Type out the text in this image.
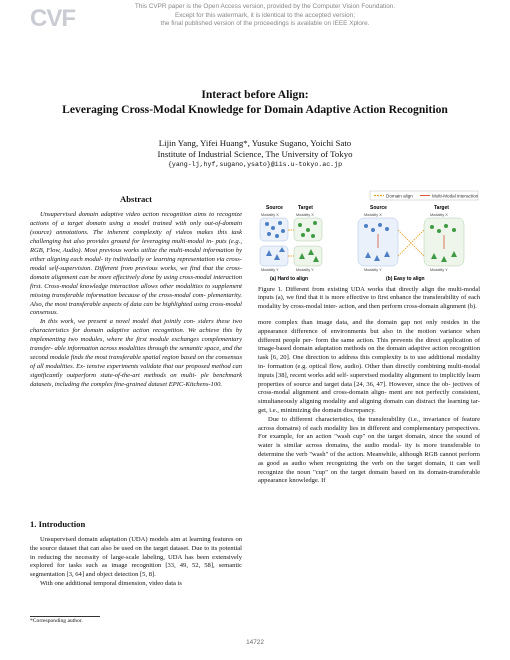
CVF	This CVPR paper is the Open Access version, provided by the Computer Vision Foundation.
Except for this watermark, it is identical to the accepted version;
the final published version of the proceedings is available on IEEE Xplore.
Interact before Align:
Leveraging Cross-Modal Knowledge for Domain Adaptive Action Recognition
Lijin Yang, Yifei Huang*, Yusuke Sugano, Yoichi Sato
Institute of Industrial Science, The University of Tokyo
{yang-lj,hyf,sugano,ysato}@iis.u-tokyo.ac.jp
Abstract

Unsupervised domain adaptive video action recognition aims to recognize actions of a target domain using a model trained with only out-of-domain (source) annotations. The inherent complexity of videos makes this task challenging but also provides ground for leveraging multi-modal in- puts (e.g., RGB, Flow, Audio). Most previous works utilize the multi-modal information by either aligning each modal- ity individually or learning representation via cross-modal self-supervision. Different from previous works, we find that the cross-domain alignment can be more effectively done by using cross-modal interaction first. Cross-modal knowledge interaction allows other modalities to supplement missing transferable information because of the cross-modal com- plementarity. Also, the most transferable aspects of data can be highlighted using cross-modal consensus.

In this work, we present a novel model that jointly con- siders these two characteristics for domain adaptive action recognition. We achieve this by implementing two modules, where the first module exchanges complementary transfer- able information across modalities through the semantic space, and the second module finds the most transferable spatial region based on the consensus of all modalities. Ex- tensive experiments validate that our proposed method can significantly outperform state-of-the-art methods on multi- ple benchmark datasets, including the complex fine-grained dataset EPIC-Kitchens-100.

1. Introduction

Unsupervised domain adaptation (UDA) models aim at learning features on the source dataset that can also be used on the target dataset. Due to its potential in reducing the necessity of large-scale labeling, UDA has been extensively explored for tasks such as image recognition [33, 49, 52, 58], semantic segmentation [3, 64] and object detection [5, 8].

With one additional temporal dimension, video data is

*Corresponding author.
14722
Domain align	Multi-Modal interaction
Source	Target
Modality X	Modality X
Modality Y	Modality Y
(a) Hard to align
Source	Target
Modality X	Modality X
Modality Y	Modality Y
(b) Easy to align
Figure 1. Different from existing UDA works that directly align the multi-modal inputs (a), we find that it is more effective to first enhance the transferability of each modality by cross-modal inter- action, and then perform cross-domain alignment (b).

more complex than image data, and the domain gap not only resides in the appearance difference of environments but also in the motion variance when different people per- form the same action. This prevents the direct application of image-based domain adaptation methods on the domain adaptive action recognition task [6, 20]. One direction to address this complexity is to use additional modality in- formation (e.g. optical flow, audio). Other than directly combining multi-modal inputs [38], recent works add self- supervised modality alignment to implicitly learn properties of source and target data [24, 36, 47]. However, since the ob- jectives of cross-modal alignment and cross-domain align- ment are not perfectly consistent, simultaneously aligning modality and aligning domain can distract the learning tar- get, i.e., minimizing the domain discrepancy.

Due to different characteristics, the transferability (i.e., invariance of feature across domains) of each modality lies in different and complementary perspectives. For example, for an action "wash cup" on the target domain, since the sound of water is similar across domains, the audio modal- ity is more transferable to determine the verb "wash" of the action. Meanwhile, although RGB cannot perform as good as audio when recognizing the verb on the target domain, it can well recognize the noun "cup" on the target domain based on its domain-transferable appearance knowledge. If
